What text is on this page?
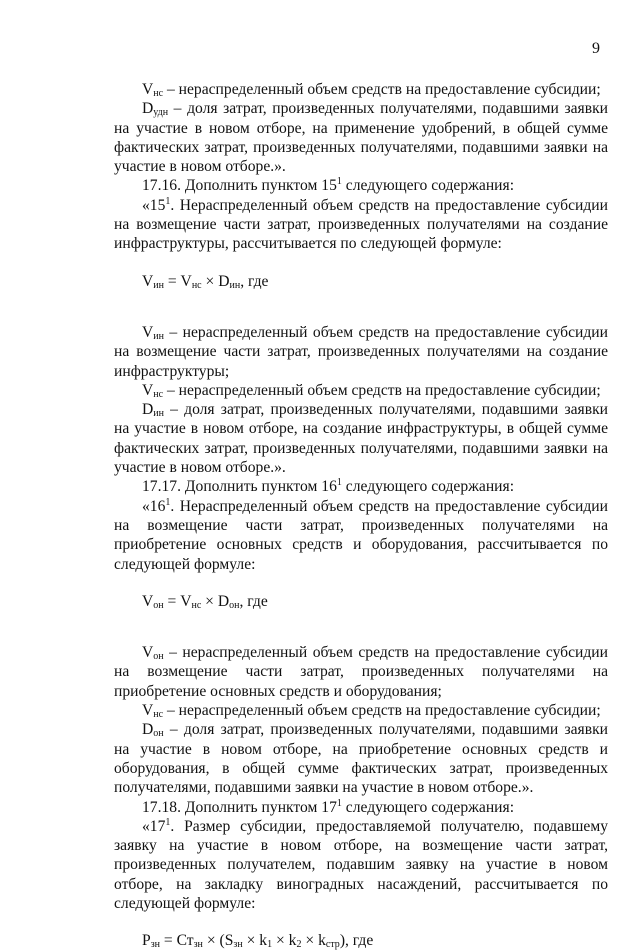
9

$V_{нс}$ – нераспределенный объем средств на предоставление субсидии;

$D_{удн}$ – доля затрат, произведенных получателями, подавшими заявки на участие в новом отборе, на применение удобрений, в общей сумме фактических затрат, произведенных получателями, подавшими заявки на участие в новом отборе.».

17.16. Дополнить пунктом $15^1$ следующего содержания:

«$15^1$. Нераспределенный объем средств на предоставление субсидии на возмещение части затрат, произведенных получателями на создание инфраструктуры, рассчитывается по следующей формуле:

$V_{ин} = V_{нс} \times D_{ин}$, где

$V_{ин}$ – нераспределенный объем средств на предоставление субсидии на возмещение части затрат, произведенных получателями на создание инфраструктуры;

$V_{нс}$ – нераспределенный объем средств на предоставление субсидии;

$D_{ин}$ – доля затрат, произведенных получателями, подавшими заявки на участие в новом отборе, на создание инфраструктуры, в общей сумме фактических затрат, произведенных получателями, подавшими заявки на участие в новом отборе.».

17.17. Дополнить пунктом $16^1$ следующего содержания:

«$16^1$. Нераспределенный объем средств на предоставление субсидии на возмещение части затрат, произведенных получателями на приобретение основных средств и оборудования, рассчитывается по следующей формуле:

$V_{он} = V_{нс} \times D_{он}$, где

$V_{он}$ – нераспределенный объем средств на предоставление субсидии на возмещение части затрат, произведенных получателями на приобретение основных средств и оборудования;

$V_{нс}$ – нераспределенный объем средств на предоставление субсидии;

$D_{он}$ – доля затрат, произведенных получателями, подавшими заявки на участие в новом отборе, на приобретение основных средств и оборудования, в общей сумме фактических затрат, произведенных получателями, подавшими заявки на участие в новом отборе.».

17.18. Дополнить пунктом $17^1$ следующего содержания:

«$17^1$. Размер субсидии, предоставляемой получателю, подавшему заявку на участие в новом отборе, на возмещение части затрат, произведенных получателем, подавшим заявку на участие в новом отборе, на закладку виноградных насаждений, рассчитывается по следующей формуле:

$P_{зн} = Ст_{зн} \times (S_{зн} \times k_1 \times k_2 \times k_{стр})$, где
